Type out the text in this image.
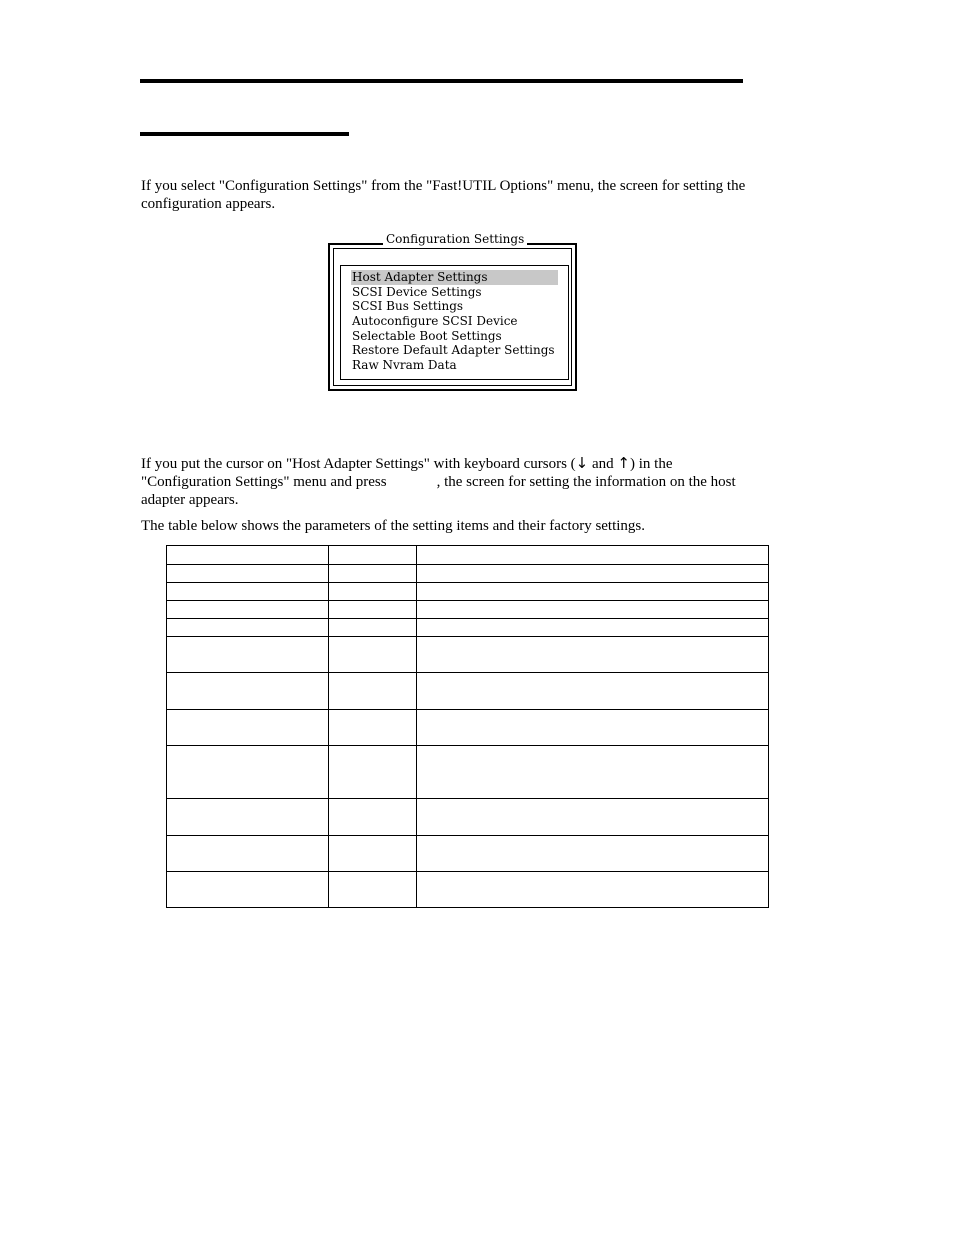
If you select "Configuration Settings" from the "Fast!UTIL Options" menu, the screen for setting the configuration appears.

Configuration Settings
Host Adapter Settings
SCSI Device Settings
SCSI Bus Settings
Autoconfigure SCSI Device
Selectable Boot Settings
Restore Default Adapter Settings
Raw Nvram Data

If you put the cursor on "Host Adapter Settings" with keyboard cursors (↓ and ↑) in the "Configuration Settings" menu and press	, the screen for setting the information on the host adapter appears.

The table below shows the parameters of the setting items and their factory settings.
